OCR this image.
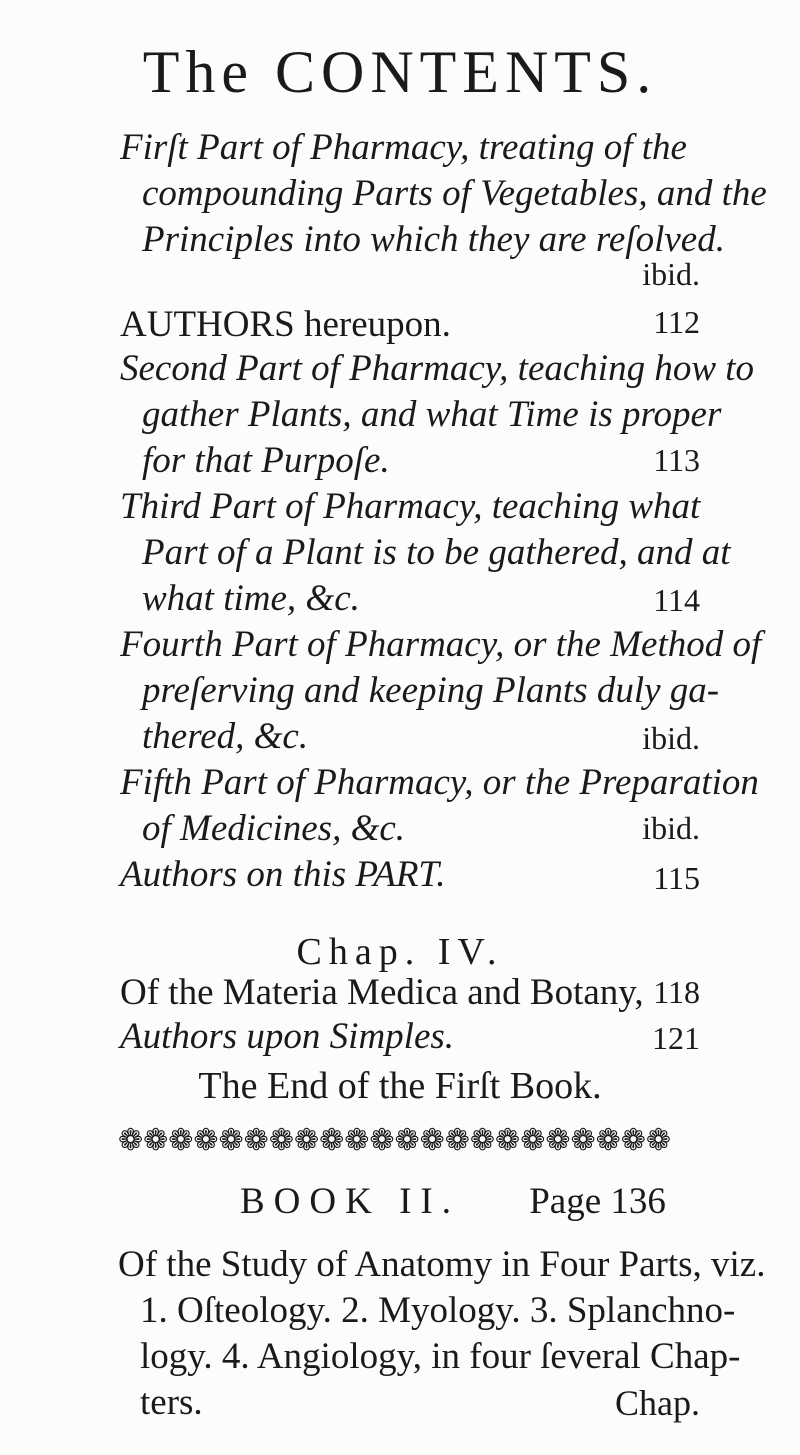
The CONTENTS.
Firſt Part of Pharmacy, treating of the
compounding Parts of Vegetables, and the
Principles into which they are reſolved.
ibid.
AUTHORS hereupon.	112
Second Part of Pharmacy, teaching how to
gather Plants, and what Time is proper
for that Purpoſe.	113
Third Part of Pharmacy, teaching what
Part of a Plant is to be gathered, and at
what time, &c.	114
Fourth Part of Pharmacy, or the Method of
preſerving and keeping Plants duly ga-
thered, &c.	ibid.
Fifth Part of Pharmacy, or the Preparation
of Medicines, &c.	ibid.
Authors on this PART.	115
Chap. IV.
Of the Materia Medica and Botany, 118
Authors upon Simples.	121
The End of the Firſt Book.
❁❁❁❁❁❁❁❁❁❁❁❁❁❁❁❁❁❁❁❁❁❁
BOOK II. Page 136
Of the Study of Anatomy in Four Parts, viz.
1. Oſteology. 2. Myology. 3. Splanchno-
logy. 4. Angiology, in four ſeveral Chap-
ters.	Chap.
